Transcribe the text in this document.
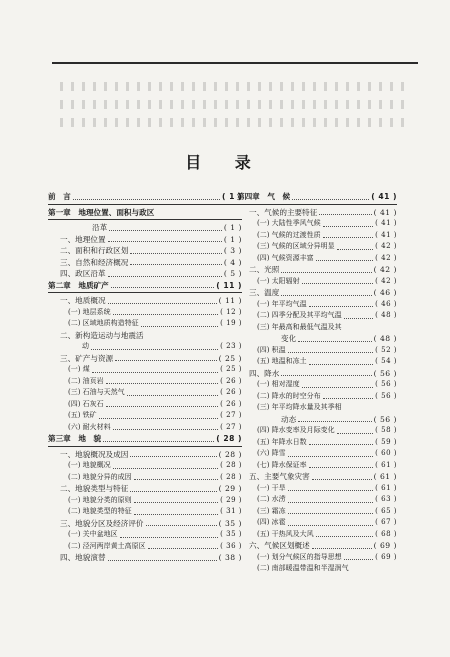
目 录
前　言	( 1 )
第一章　地理位置、面积与政区
沿革	( 1 )
一、地理位置	( 1 )
二、面积和行政区划	( 3 )
三、自然和经济概况	( 4 )
四、政区沿革	( 5 )
第二章　地质矿产	( 11 )
一、地质概况	( 11 )
(一) 地层系统	( 12 )
(二) 区域地质构造特征	( 19 )
二、新构造运动与地震活
动	( 23 )
三、矿产与资源	( 25 )
(一) 煤	( 25 )
(二) 油页岩	( 26 )
(三) 石油与天然气	( 26 )
(四) 石灰石	( 26 )
(五) 铁矿	( 27 )
(六) 耐火材料	( 27 )
第三章　地　貌	( 28 )
一、地貌概况及成因	( 28 )
(一) 地貌概况	( 28 )
(二) 地貌分异的成因	( 28 )
二、地貌类型与特征	( 29 )
(一) 地貌分类的原则	( 29 )
(二) 地貌类型的特征	( 31 )
三、地貌分区及经济评价	( 35 )
(一) 关中盆地区	( 35 )
(二) 泾河两岸黄土高原区	( 36 )
四、地貌演替	( 38 )
第四章　气　候	( 41 )
一、气候的主要特征	( 41 )
(一) 大陆性季风气候	( 41 )
(二) 气候的过渡性质	( 41 )
(三) 气候的区域分异明显	( 42 )
(四) 气候资源丰富	( 42 )
二、光照	( 42 )
(一) 太阳辐射	( 42 )
三、温度	( 46 )
(一) 年平均气温	( 46 )
(二) 四季分配及其平均气温	( 48 )
(三) 年最高和最低气温及其
变化	( 48 )
(四) 积温	( 52 )
(五) 地温和冻土	( 54 )
四、降水	( 56 )
(一) 相对湿度	( 56 )
(二) 降水的时空分布	( 56 )
(三) 年平均降水量及其季相
动态	( 56 )
(四) 降水变率及月际变化	( 58 )
(五) 年降水日数	( 59 )
(六) 降雪	( 60 )
(七) 降水保证率	( 61 )
五、主要气象灾害	( 61 )
(一) 干旱	( 61 )
(二) 水涝	( 63 )
(三) 霜冻	( 65 )
(四) 冰雹	( 67 )
(五) 干热风及大风	( 68 )
六、气候区划概述	( 69 )
(一) 划分气候区的指导思想	( 69 )
(二) 南部暖温带温和半湿润气
